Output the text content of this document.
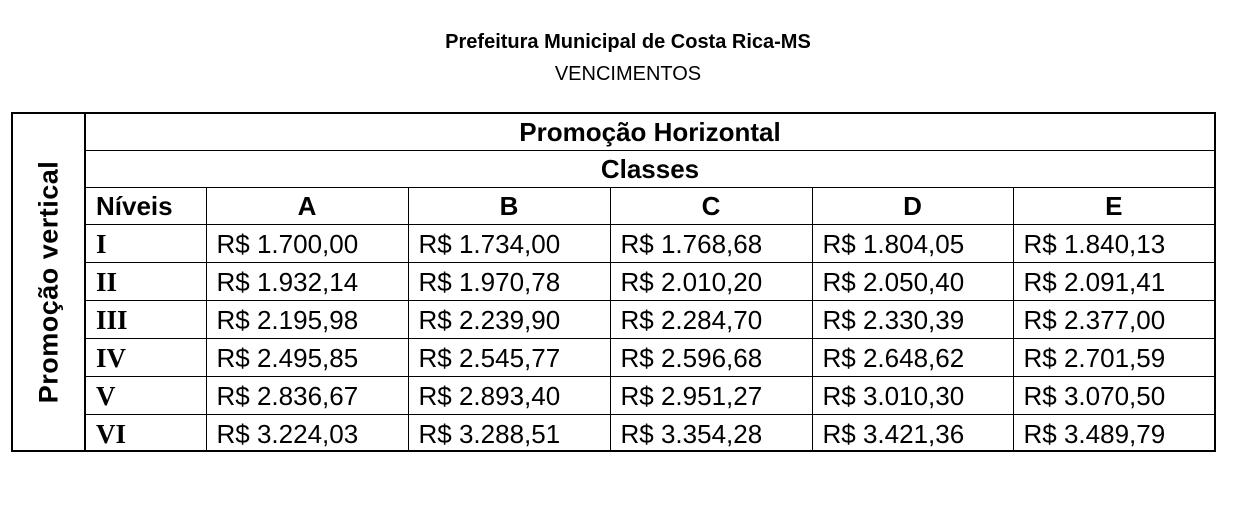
Prefeitura Municipal de Costa Rica-MS
VENCIMENTOS
Promoção vertical
Promoção Horizontal					
Classes					
Níveis	A	B	C	D	E
I	R$ 1.700,00	R$ 1.734,00	R$ 1.768,68	R$ 1.804,05	R$ 1.840,13
II	R$ 1.932,14	R$ 1.970,78	R$ 2.010,20	R$ 2.050,40	R$ 2.091,41
III	R$ 2.195,98	R$ 2.239,90	R$ 2.284,70	R$ 2.330,39	R$ 2.377,00
IV	R$ 2.495,85	R$ 2.545,77	R$ 2.596,68	R$ 2.648,62	R$ 2.701,59
V	R$ 2.836,67	R$ 2.893,40	R$ 2.951,27	R$ 3.010,30	R$ 3.070,50
VI	R$ 3.224,03	R$ 3.288,51	R$ 3.354,28	R$ 3.421,36	R$ 3.489,79
